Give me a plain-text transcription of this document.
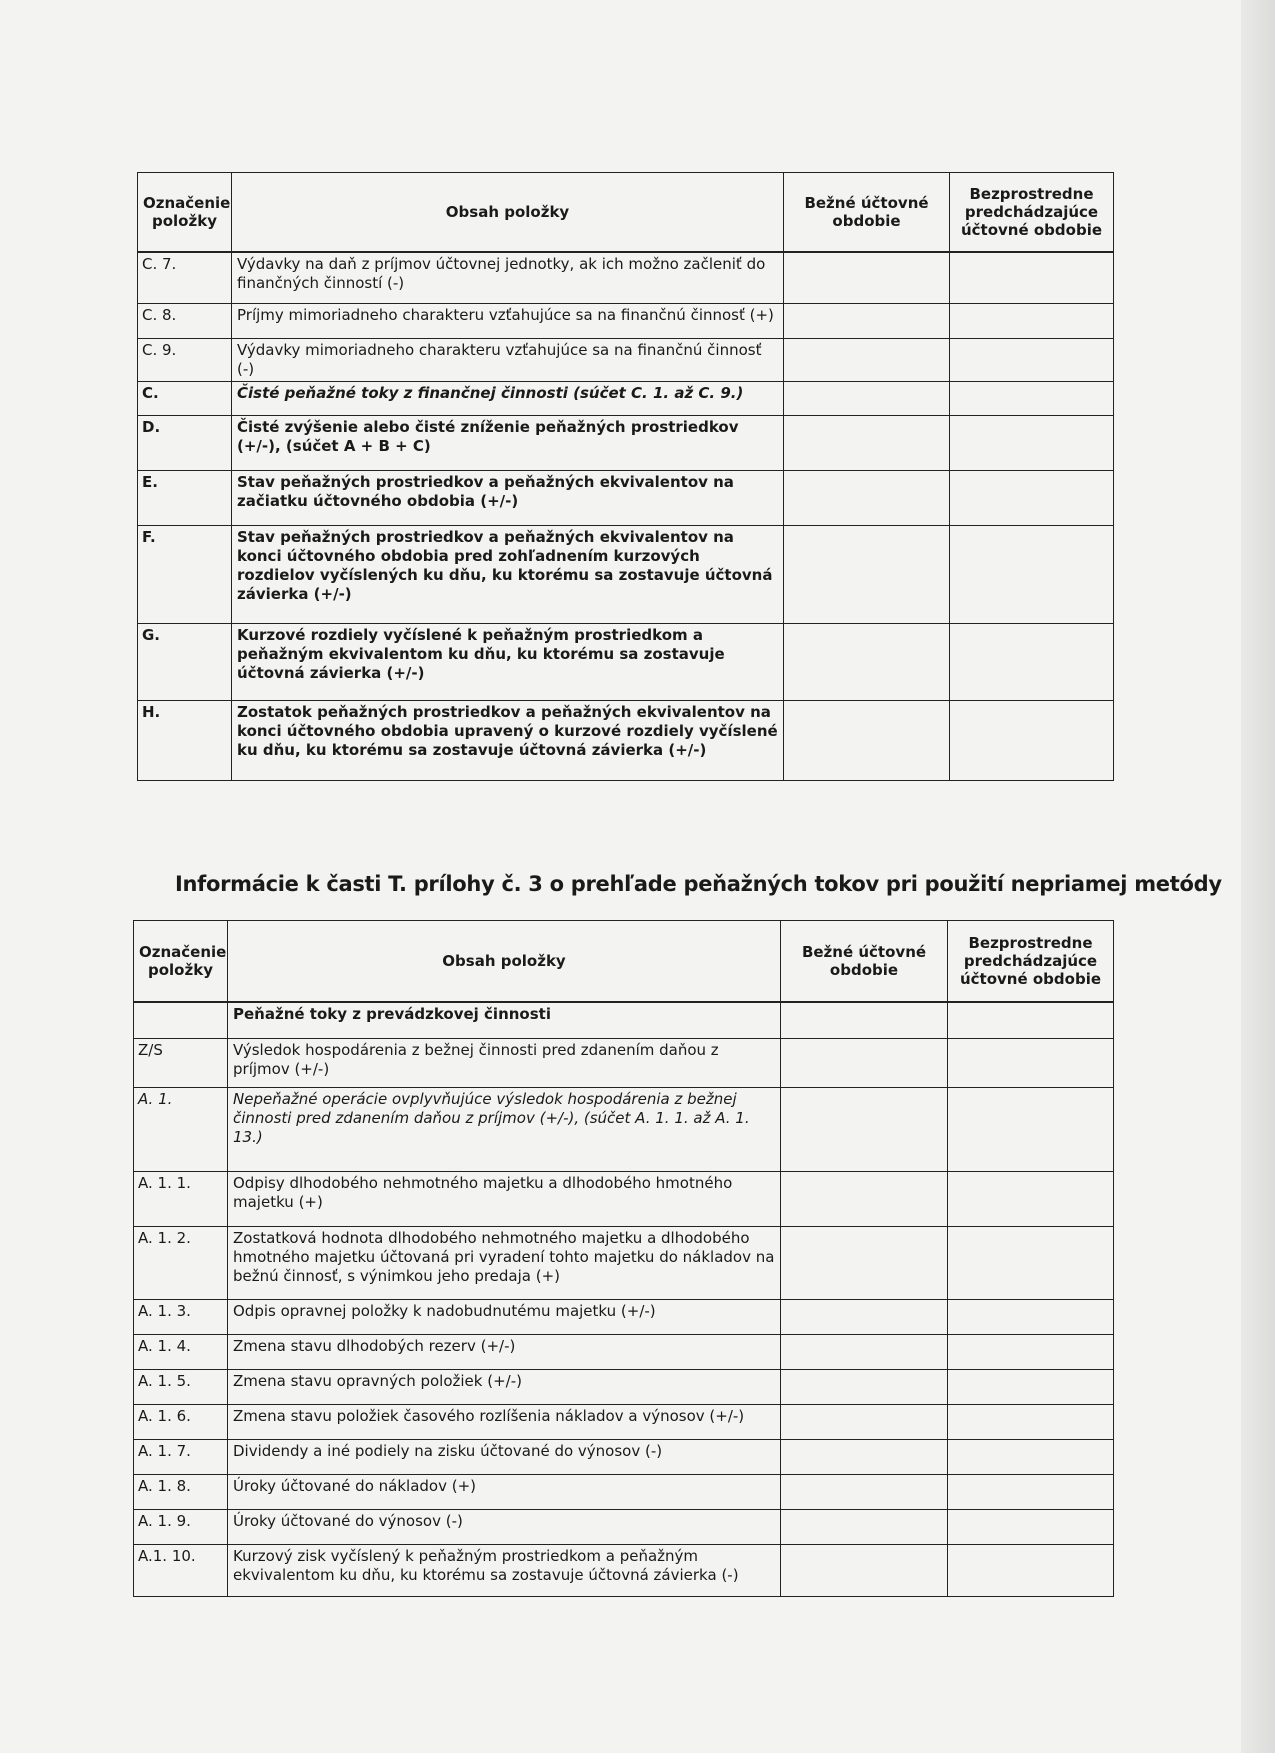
Označenie položky	Obsah položky	Bežné účtovné obdobie	Bezprostredne predchádzajúce účtovné obdobie
C. 7.	Výdavky na daň z príjmov účtovnej jednotky, ak ich možno začleniť do finančných činností (-)		
C. 8.	Príjmy mimoriadneho charakteru vzťahujúce sa na finančnú činnosť (+)		
C. 9.	Výdavky mimoriadneho charakteru vzťahujúce sa na finančnú činnosť (-)		
C.	Čisté peňažné toky z finančnej činnosti (súčet C. 1. až C. 9.)		
D.	Čisté zvýšenie alebo čisté zníženie peňažných prostriedkov (+/-), (súčet A + B + C)		
E.	Stav peňažných prostriedkov a peňažných ekvivalentov na začiatku účtovného obdobia (+/-)		
F.	Stav peňažných prostriedkov a peňažných ekvivalentov na konci účtovného obdobia pred zohľadnením kurzových rozdielov vyčíslených ku dňu, ku ktorému sa zostavuje účtovná závierka (+/-)		
G.	Kurzové rozdiely vyčíslené k peňažným prostriedkom a peňažným ekvivalentom ku dňu, ku ktorému sa zostavuje účtovná závierka (+/-)		
H.	Zostatok peňažných prostriedkov a peňažných ekvivalentov na konci účtovného obdobia upravený o kurzové rozdiely vyčíslené ku dňu, ku ktorému sa zostavuje účtovná závierka (+/-)		
Informácie k časti T. prílohy č. 3 o prehľade peňažných tokov pri použití nepriamej metódy
Označenie položky	Obsah položky	Bežné účtovné obdobie	Bezprostredne predchádzajúce účtovné obdobie
	Peňažné toky z prevádzkovej činnosti		
Z/S	Výsledok hospodárenia z bežnej činnosti pred zdanením daňou z príjmov (+/-)		
A. 1.	Nepeňažné operácie ovplyvňujúce výsledok hospodárenia z bežnej činnosti pred zdanením daňou z príjmov (+/-), (súčet A. 1. 1. až A. 1. 13.)		
A. 1. 1.	Odpisy dlhodobého nehmotného majetku a dlhodobého hmotného majetku (+)		
A. 1. 2.	Zostatková hodnota dlhodobého nehmotného majetku a dlhodobého hmotného majetku účtovaná pri vyradení tohto majetku do nákladov na bežnú činnosť, s výnimkou jeho predaja (+)		
A. 1. 3.	Odpis opravnej položky k nadobudnutému majetku (+/-)		
A. 1. 4.	Zmena stavu dlhodobých rezerv (+/-)		
A. 1. 5.	Zmena stavu opravných položiek (+/-)		
A. 1. 6.	Zmena stavu položiek časového rozlíšenia nákladov a výnosov (+/-)		
A. 1. 7.	Dividendy a iné podiely na zisku účtované do výnosov (-)		
A. 1. 8.	Úroky účtované do nákladov (+)		
A. 1. 9.	Úroky účtované do výnosov (-)		
A.1. 10.	Kurzový zisk vyčíslený k peňažným prostriedkom a peňažným ekvivalentom ku dňu, ku ktorému sa zostavuje účtovná závierka (-)		
